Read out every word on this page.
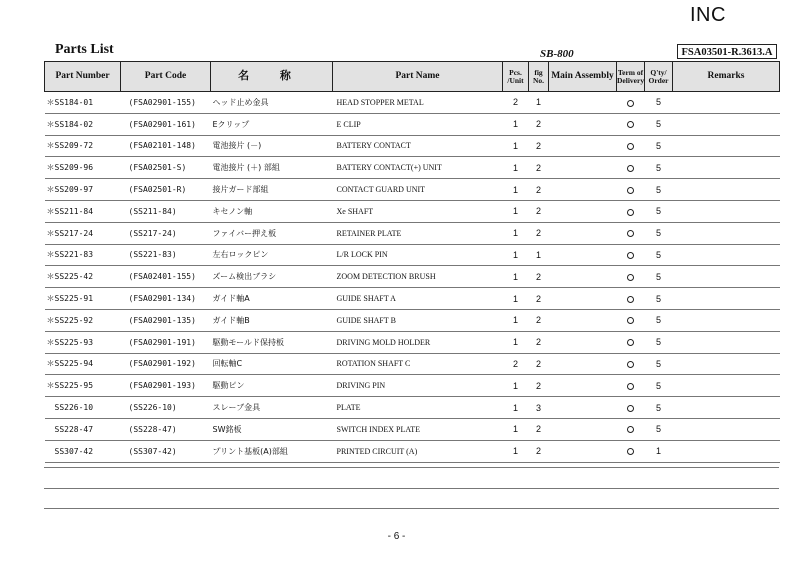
INC
Parts List	SB-800	FSA03501-R.3613.A
Part Number	Part Code	名 称	Part Name	Pcs. /Unit	fig No.	Main Assembly	Term of Delivery	Q'ty/ Order	Remarks
＊SS184-01	(FSA02901-155)	ヘッド止め金具	HEAD STOPPER METAL	2	1			5	
＊SS184-02	(FSA02901-161)	Eクリップ	E CLIP	1	2			5	
＊SS209-72	(FSA02101-148)	電池接片 (－)	BATTERY CONTACT	1	2			5	
＊SS209-96	(FSA02501-S)	電池接片 (＋) 部組	BATTERY CONTACT(+) UNIT	1	2			5	
＊SS209-97	(FSA02501-R)	接片ガード部組	CONTACT GUARD UNIT	1	2			5	
＊SS211-84	(SS211-84)	キセノン軸	Xe SHAFT	1	2			5	
＊SS217-24	(SS217-24)	ファイバー押え板	RETAINER PLATE	1	2			5	
＊SS221-83	(SS221-83)	左右ロックピン	L/R LOCK PIN	1	1			5	
＊SS225-42	(FSA02401-155)	ズーム検出ブラシ	ZOOM DETECTION BRUSH	1	2			5	
＊SS225-91	(FSA02901-134)	ガイド軸A	GUIDE SHAFT A	1	2			5	
＊SS225-92	(FSA02901-135)	ガイド軸B	GUIDE SHAFT B	1	2			5	
＊SS225-93	(FSA02901-191)	駆動モールド保持板	DRIVING MOLD HOLDER	1	2			5	
＊SS225-94	(FSA02901-192)	回転軸C	ROTATION SHAFT C	2	2			5	
＊SS225-95	(FSA02901-193)	駆動ピン	DRIVING PIN	1	2			5	
SS226-10	(SS226-10)	スレーブ金具	PLATE	1	3			5	
SS228-47	(SS228-47)	SW銘板	SWITCH INDEX PLATE	1	2			5	
SS307-42	(SS307-42)	プリント基板(A)部組	PRINTED CIRCUIT (A)	1	2			1	
- 6 -
